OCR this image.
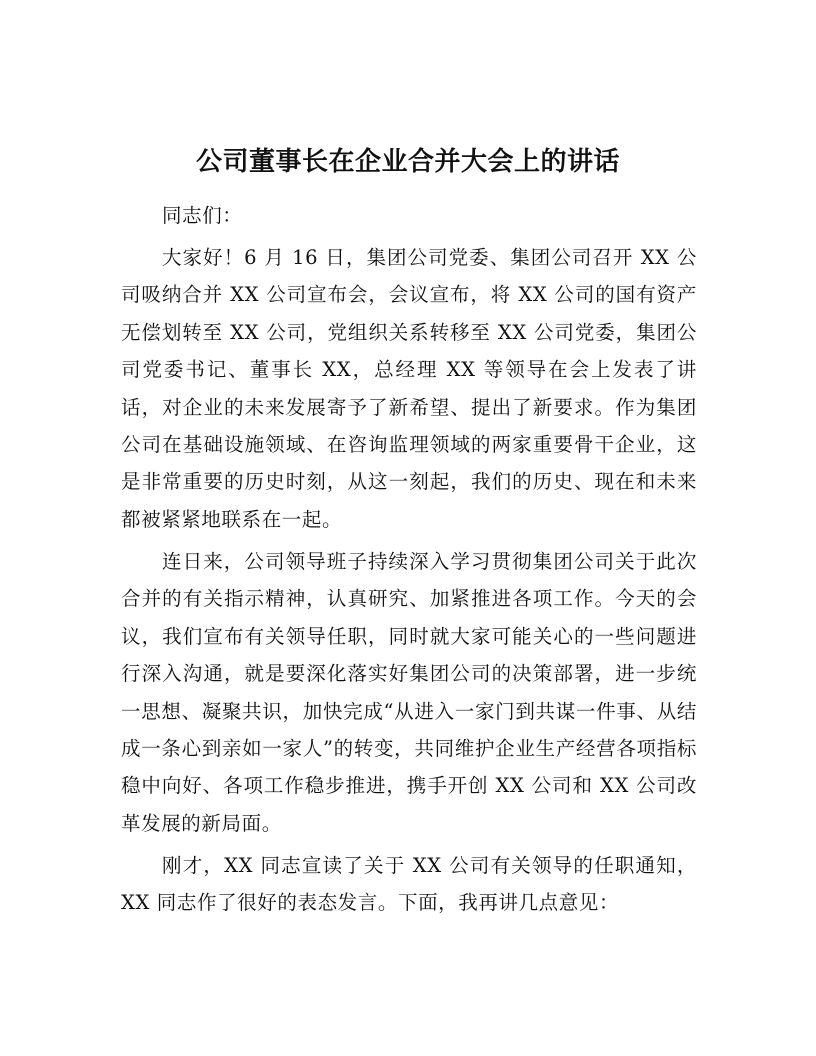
公司董事长在企业合并大会上的讲话

同志们：

大家好！6 月 16 日，集团公司党委、集团公司召开 XX 公司吸纳合并 XX 公司宣布会，会议宣布，将 XX 公司的国有资产无偿划转至 XX 公司，党组织关系转移至 XX 公司党委，集团公司党委书记、董事长 XX，总经理 XX 等领导在会上发表了讲话，对企业的未来发展寄予了新希望、提出了新要求。作为集团公司在基础设施领域、在咨询监理领域的两家重要骨干企业，这是非常重要的历史时刻，从这一刻起，我们的历史、现在和未来都被紧紧地联系在一起。

连日来，公司领导班子持续深入学习贯彻集团公司关于此次合并的有关指示精神，认真研究、加紧推进各项工作。今天的会议，我们宣布有关领导任职，同时就大家可能关心的一些问题进行深入沟通，就是要深化落实好集团公司的决策部署，进一步统一思想、凝聚共识，加快完成“从进入一家门到共谋一件事、从结成一条心到亲如一家人”的转变，共同维护企业生产经营各项指标稳中向好、各项工作稳步推进，携手开创 XX 公司和 XX 公司改革发展的新局面。

刚才，XX 同志宣读了关于 XX 公司有关领导的任职通知，XX 同志作了很好的表态发言。下面，我再讲几点意见：
